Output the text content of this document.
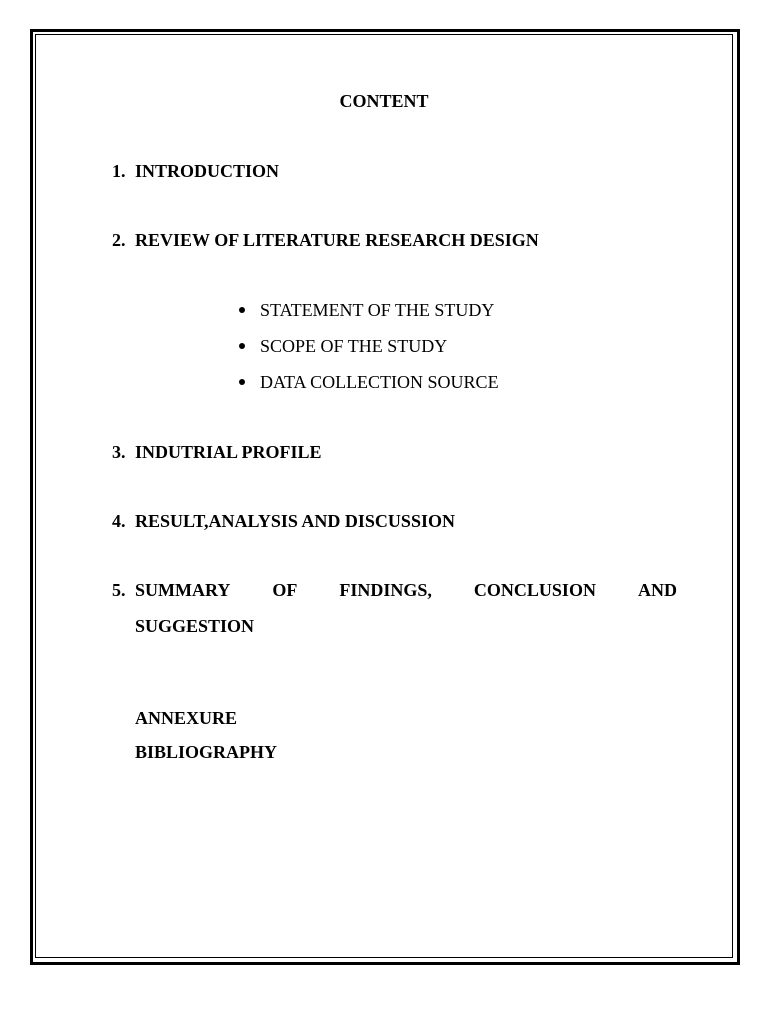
CONTENT
1. INTRODUCTION
2. REVIEW OF LITERATURE RESEARCH DESIGN
STATEMENT OF THE STUDY
SCOPE OF THE STUDY
DATA COLLECTION SOURCE
3. INDUTRIAL PROFILE
4. RESULT,ANALYSIS AND DISCUSSION
5. SUMMARY OF FINDINGS, CONCLUSION AND
SUGGESTION
ANNEXURE
BIBLIOGRAPHY
